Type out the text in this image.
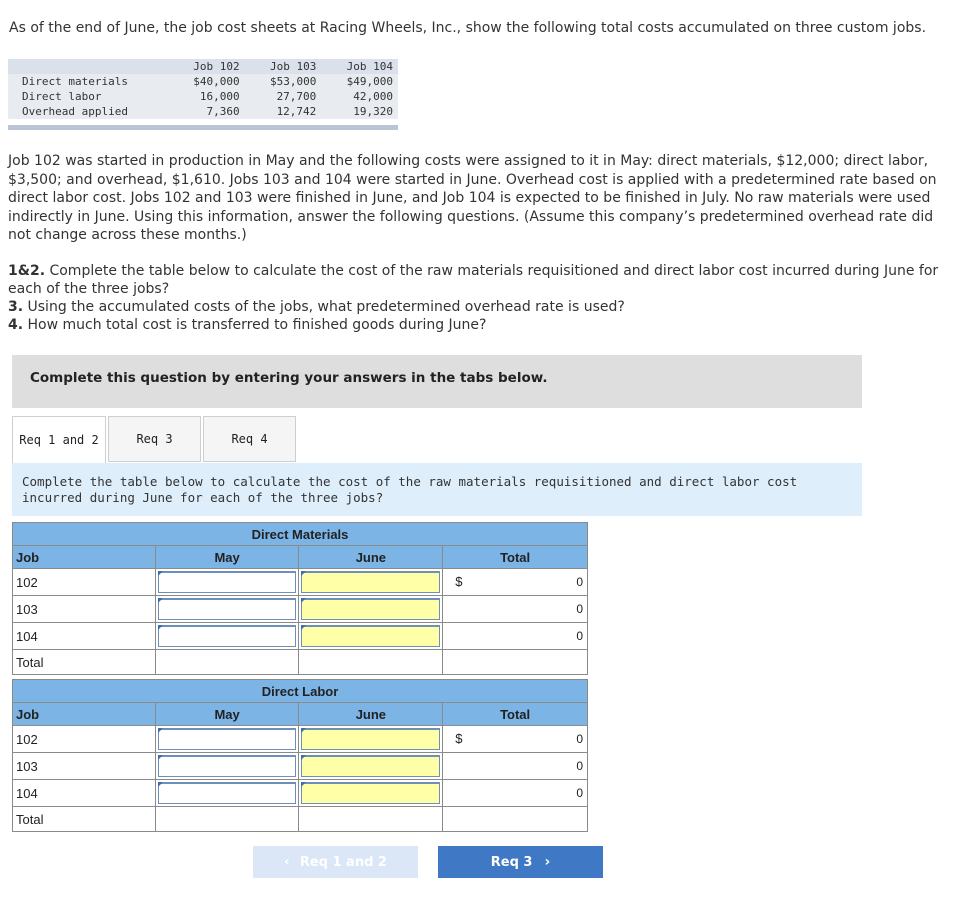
As of the end of June, the job cost sheets at Racing Wheels, Inc., show the following total costs accumulated on three custom jobs.
	Job 102	Job 103	Job 104
Direct materials	$40,000	$53,000	$49,000
Direct labor	16,000	27,700	42,000
Overhead applied	7,360	12,742	19,320
Job 102 was started in production in May and the following costs were assigned to it in May: direct materials, $12,000; direct labor, $3,500; and overhead, $1,610. Jobs 103 and 104 were started in June. Overhead cost is applied with a predetermined rate based on direct labor cost. Jobs 102 and 103 were finished in June, and Job 104 is expected to be finished in July. No raw materials were used indirectly in June. Using this information, answer the following questions. (Assume this company’s predetermined overhead rate did not change across these months.)
1&2. Complete the table below to calculate the cost of the raw materials requisitioned and direct labor cost incurred during June for each of the three jobs?
3. Using the accumulated costs of the jobs, what predetermined overhead rate is used?
4. How much total cost is transferred to finished goods during June?
Complete this question by entering your answers in the tabs below.
Req 1 and 2	Req 3	Req 4
Complete the table below to calculate the cost of the raw materials requisitioned and direct labor cost incurred during June for each of the three jobs?
Direct Materials			
Job	May	June	Total
102			$ 0

103			0

104			0

Total			
Direct Labor			
Job	May	June	Total
102			$ 0

103			0

104			0

Total			
‹ Req 1 and 2	Req 3 ›
